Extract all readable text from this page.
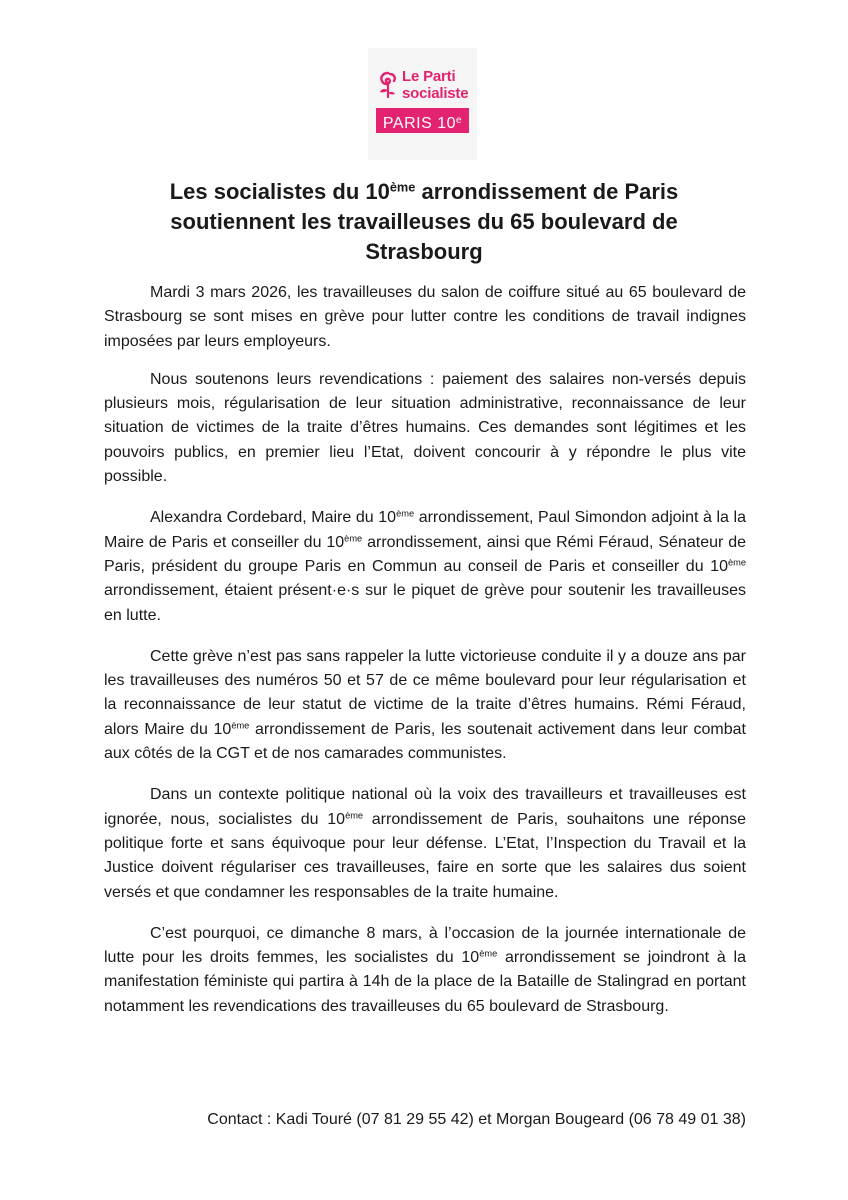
Le Parti
socialiste
PARIS 10e
Les socialistes du 10ème arrondissement de Paris soutiennent les travailleuses du 65 boulevard de Strasbourg

Mardi 3 mars 2026, les travailleuses du salon de coiffure situé au 65 boulevard de Strasbourg se sont mises en grève pour lutter contre les conditions de travail indignes imposées par leurs employeurs.

Nous soutenons leurs revendications : paiement des salaires non-versés depuis plusieurs mois, régularisation de leur situation administrative, reconnaissance de leur situation de victimes de la traite d’êtres humains. Ces demandes sont légitimes et les pouvoirs publics, en premier lieu l’Etat, doivent concourir à y répondre le plus vite possible.

Alexandra Cordebard, Maire du 10ème arrondissement, Paul Simondon adjoint à la la Maire de Paris et conseiller du 10ème arrondissement, ainsi que Rémi Féraud, Sénateur de Paris, président du groupe Paris en Commun au conseil de Paris et conseiller du 10ème arrondissement, étaient présent·e·s sur le piquet de grève pour soutenir les travailleuses en lutte.

Cette grève n’est pas sans rappeler la lutte victorieuse conduite il y a douze ans par les travailleuses des numéros 50 et 57 de ce même boulevard pour leur régularisation et la reconnaissance de leur statut de victime de la traite d’êtres humains. Rémi Féraud, alors Maire du 10ème arrondissement de Paris, les soutenait activement dans leur combat aux côtés de la CGT et de nos camarades communistes.

Dans un contexte politique national où la voix des travailleurs et travailleuses est ignorée, nous, socialistes du 10ème arrondissement de Paris, souhaitons une réponse politique forte et sans équivoque pour leur défense. L’Etat, l’Inspection du Travail et la Justice doivent régulariser ces travailleuses, faire en sorte que les salaires dus soient versés et que condamner les responsables de la traite humaine.

C’est pourquoi, ce dimanche 8 mars, à l’occasion de la journée internationale de lutte pour les droits femmes, les socialistes du 10ème arrondissement se joindront à la manifestation féministe qui partira à 14h de la place de la Bataille de Stalingrad en portant notamment les revendications des travailleuses du 65 boulevard de Strasbourg.

Contact : Kadi Touré (07 81 29 55 42) et Morgan Bougeard (06 78 49 01 38)
